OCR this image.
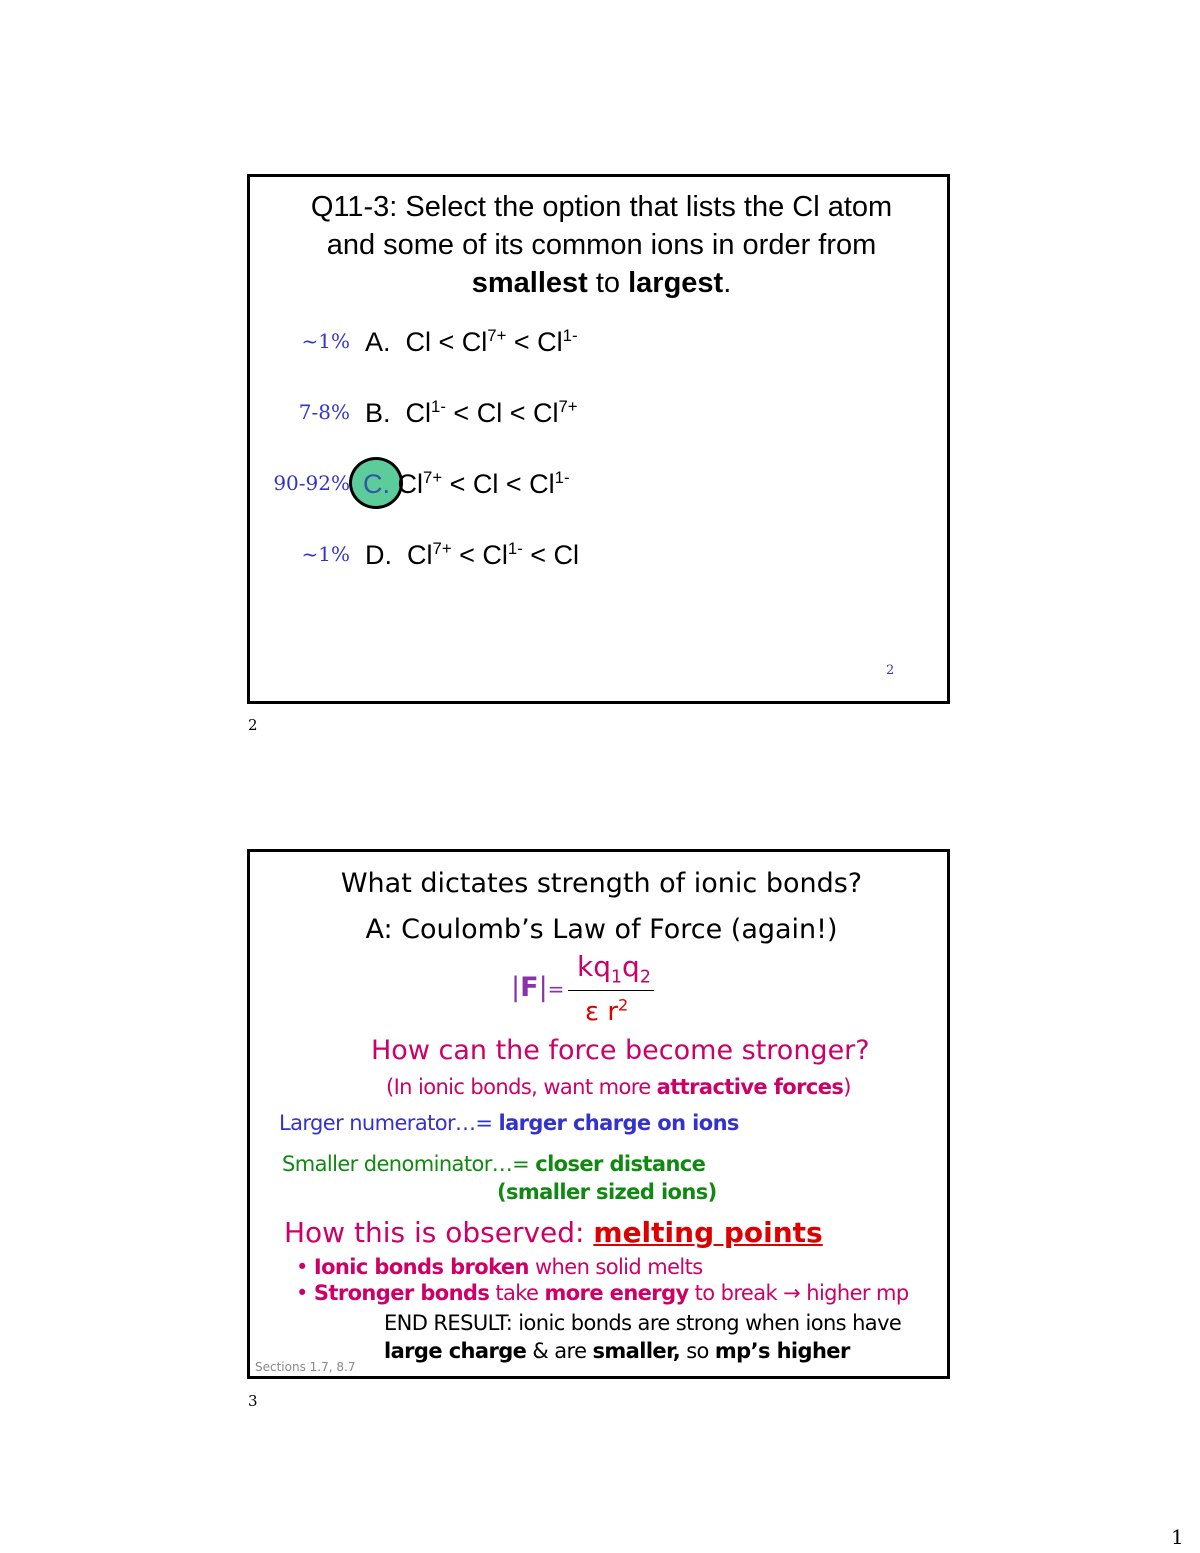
Q11-3: Select the option that lists the Cl atom
and some of its common ions in order from
smallest to largest.
~1% A. $Cl < Cl^{7+} < Cl^{1-}$
7-8% B. $Cl^{1-} < Cl < Cl^{7+}$
90-92% C. $Cl^{7+} < Cl < Cl^{1-}$
~1% D. $Cl^{7+} < Cl^{1-} < Cl$
2
2
What dictates strength of ionic bonds?
A: Coulomb’s Law of Force (again!)
|F|=
$kq_1q_2$
ε $r^2$
How can the force become stronger?
(In ionic bonds, want more attractive forces)
Larger numerator…= larger charge on ions
Smaller denominator…= closer distance
(smaller sized ions)
How this is observed: melting points
• Ionic bonds broken when solid melts
• Stronger bonds take more energy to break → higher mp
END RESULT: ionic bonds are strong when ions have
large charge & are smaller, so mp’s higher
Sections 1.7, 8.7
3
1
